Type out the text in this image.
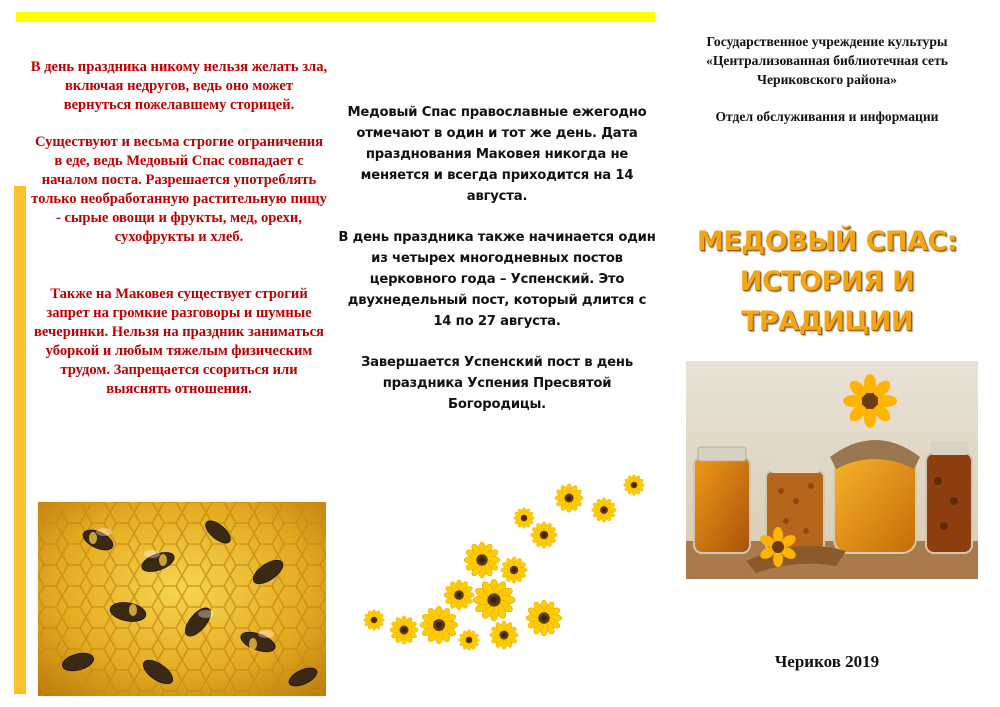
В день праздника никому нельзя желать зла, включая недругов, ведь оно может вернуться пожелавшему сторицей.

Существуют и весьма строгие ограничения в еде, ведь Медовый Спас совпадает с началом поста. Разрешается употреблять только необработанную растительную пищу - сырые овощи и фрукты, мед, орехи, сухофрукты и хлеб.

Также на Маковея существует строгий запрет на громкие разговоры и шумные вечеринки. Нельзя на праздник заниматься уборкой и любым тяжелым физическим трудом. Запрещается ссориться или выяснять отношения.

Медовый Спас православные ежегодно отмечают в один и тот же день. Дата празднования Маковея никогда не меняется и всегда приходится на 14 августа.

В день праздника также начинается один из четырех многодневных постов церковного года – Успенский. Это двухнедельный пост, который длится с 14 по 27 августа.

Завершается Успенский пост в день праздника Успения Пресвятой Богородицы.

Государственное учреждение культуры «Централизованная библиотечная сеть Чериковского района»

Отдел обслуживания и информации

МЕДОВЫЙ СПАС:
ИСТОРИЯ И ТРАДИЦИИ
Чериков 2019
